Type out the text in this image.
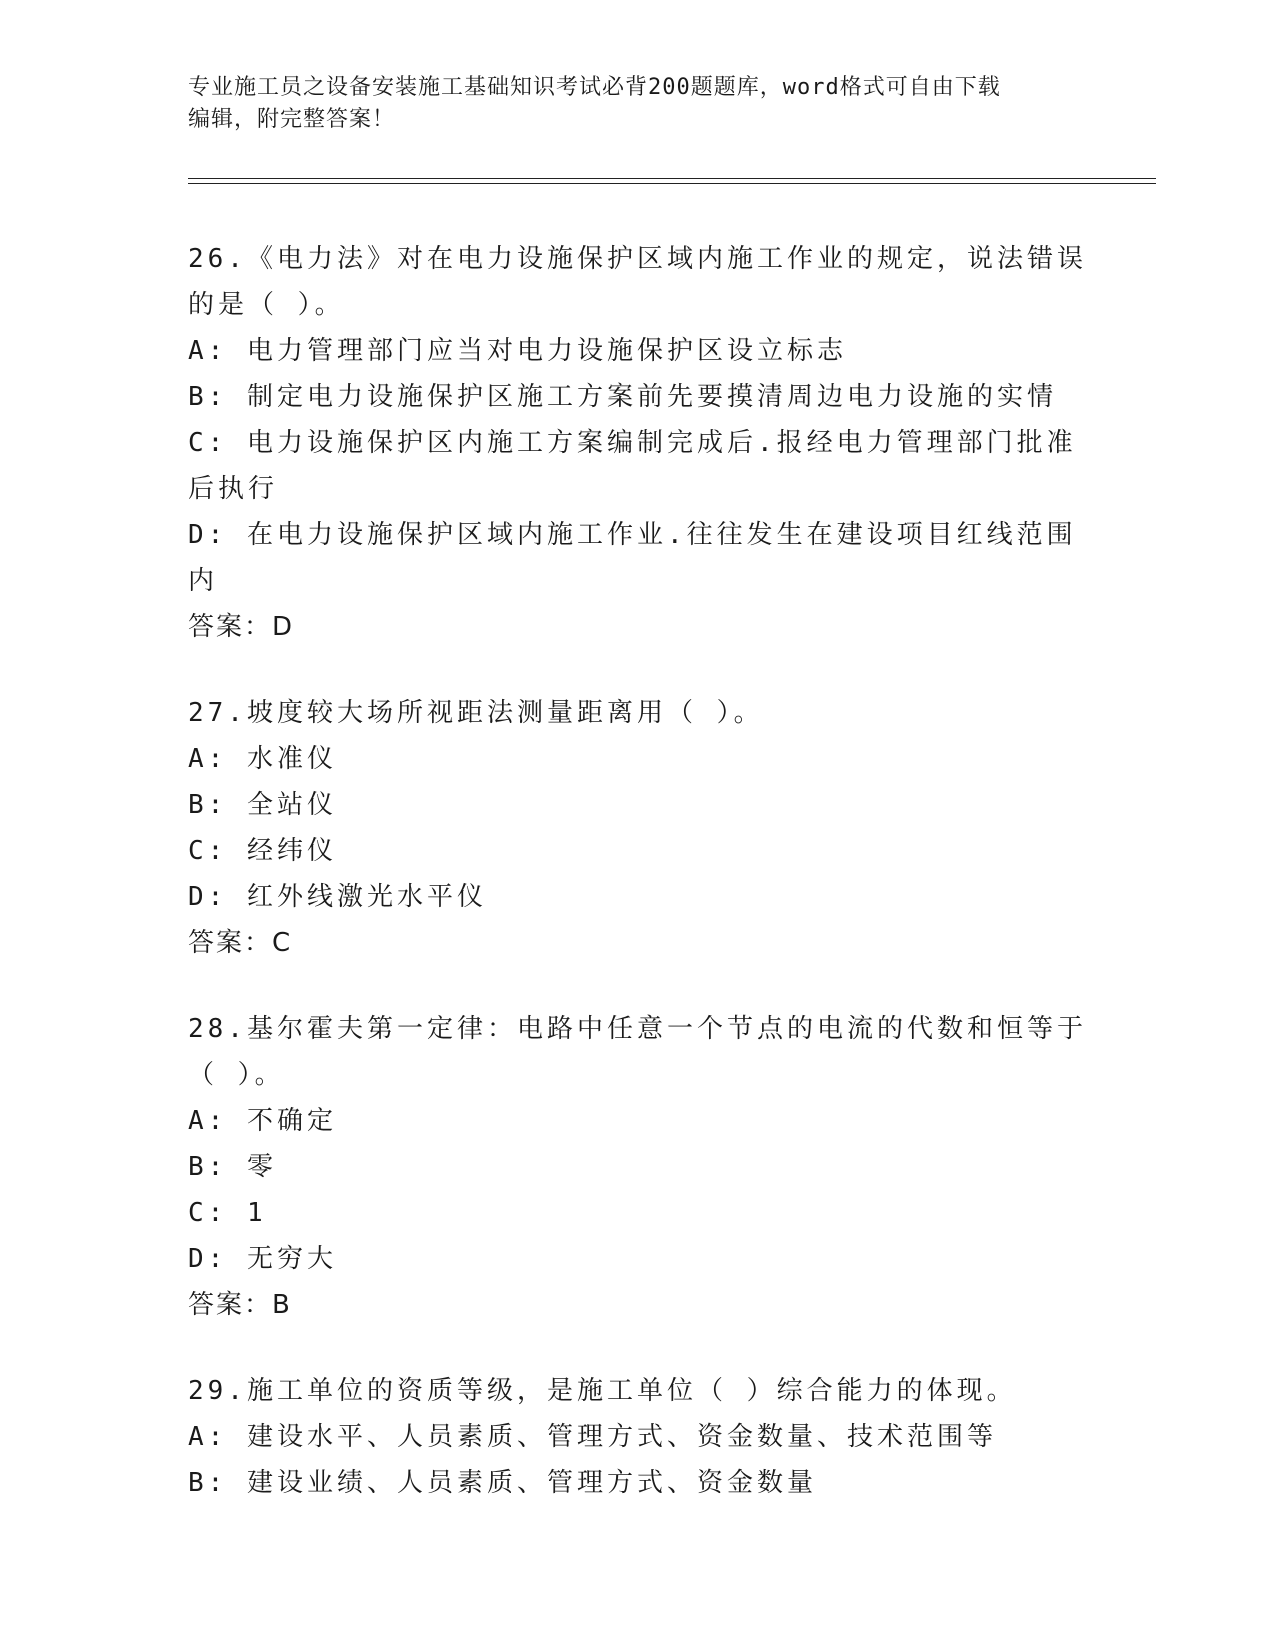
专业施工员之设备安装施工基础知识考试必背200题题库，word格式可自由下载
编辑，附完整答案！
26.《电力法》对在电力设施保护区域内施工作业的规定，说法错误的是（ ）。
A: 电力管理部门应当对电力设施保护区设立标志
B: 制定电力设施保护区施工方案前先要摸清周边电力设施的实情
C: 电力设施保护区内施工方案编制完成后.报经电力管理部门批准后执行
D: 在电力设施保护区域内施工作业.往往发生在建设项目红线范围内
答案：D
27.坡度较大场所视距法测量距离用（ ）。
A: 水准仪
B: 全站仪
C: 经纬仪
D: 红外线激光水平仪
答案：C
28.基尔霍夫第一定律：电路中任意一个节点的电流的代数和恒等于（ ）。
A: 不确定
B: 零
C: 1
D: 无穷大
答案：B
29.施工单位的资质等级，是施工单位（ ）综合能力的体现。
A: 建设水平、人员素质、管理方式、资金数量、技术范围等
B: 建设业绩、人员素质、管理方式、资金数量
